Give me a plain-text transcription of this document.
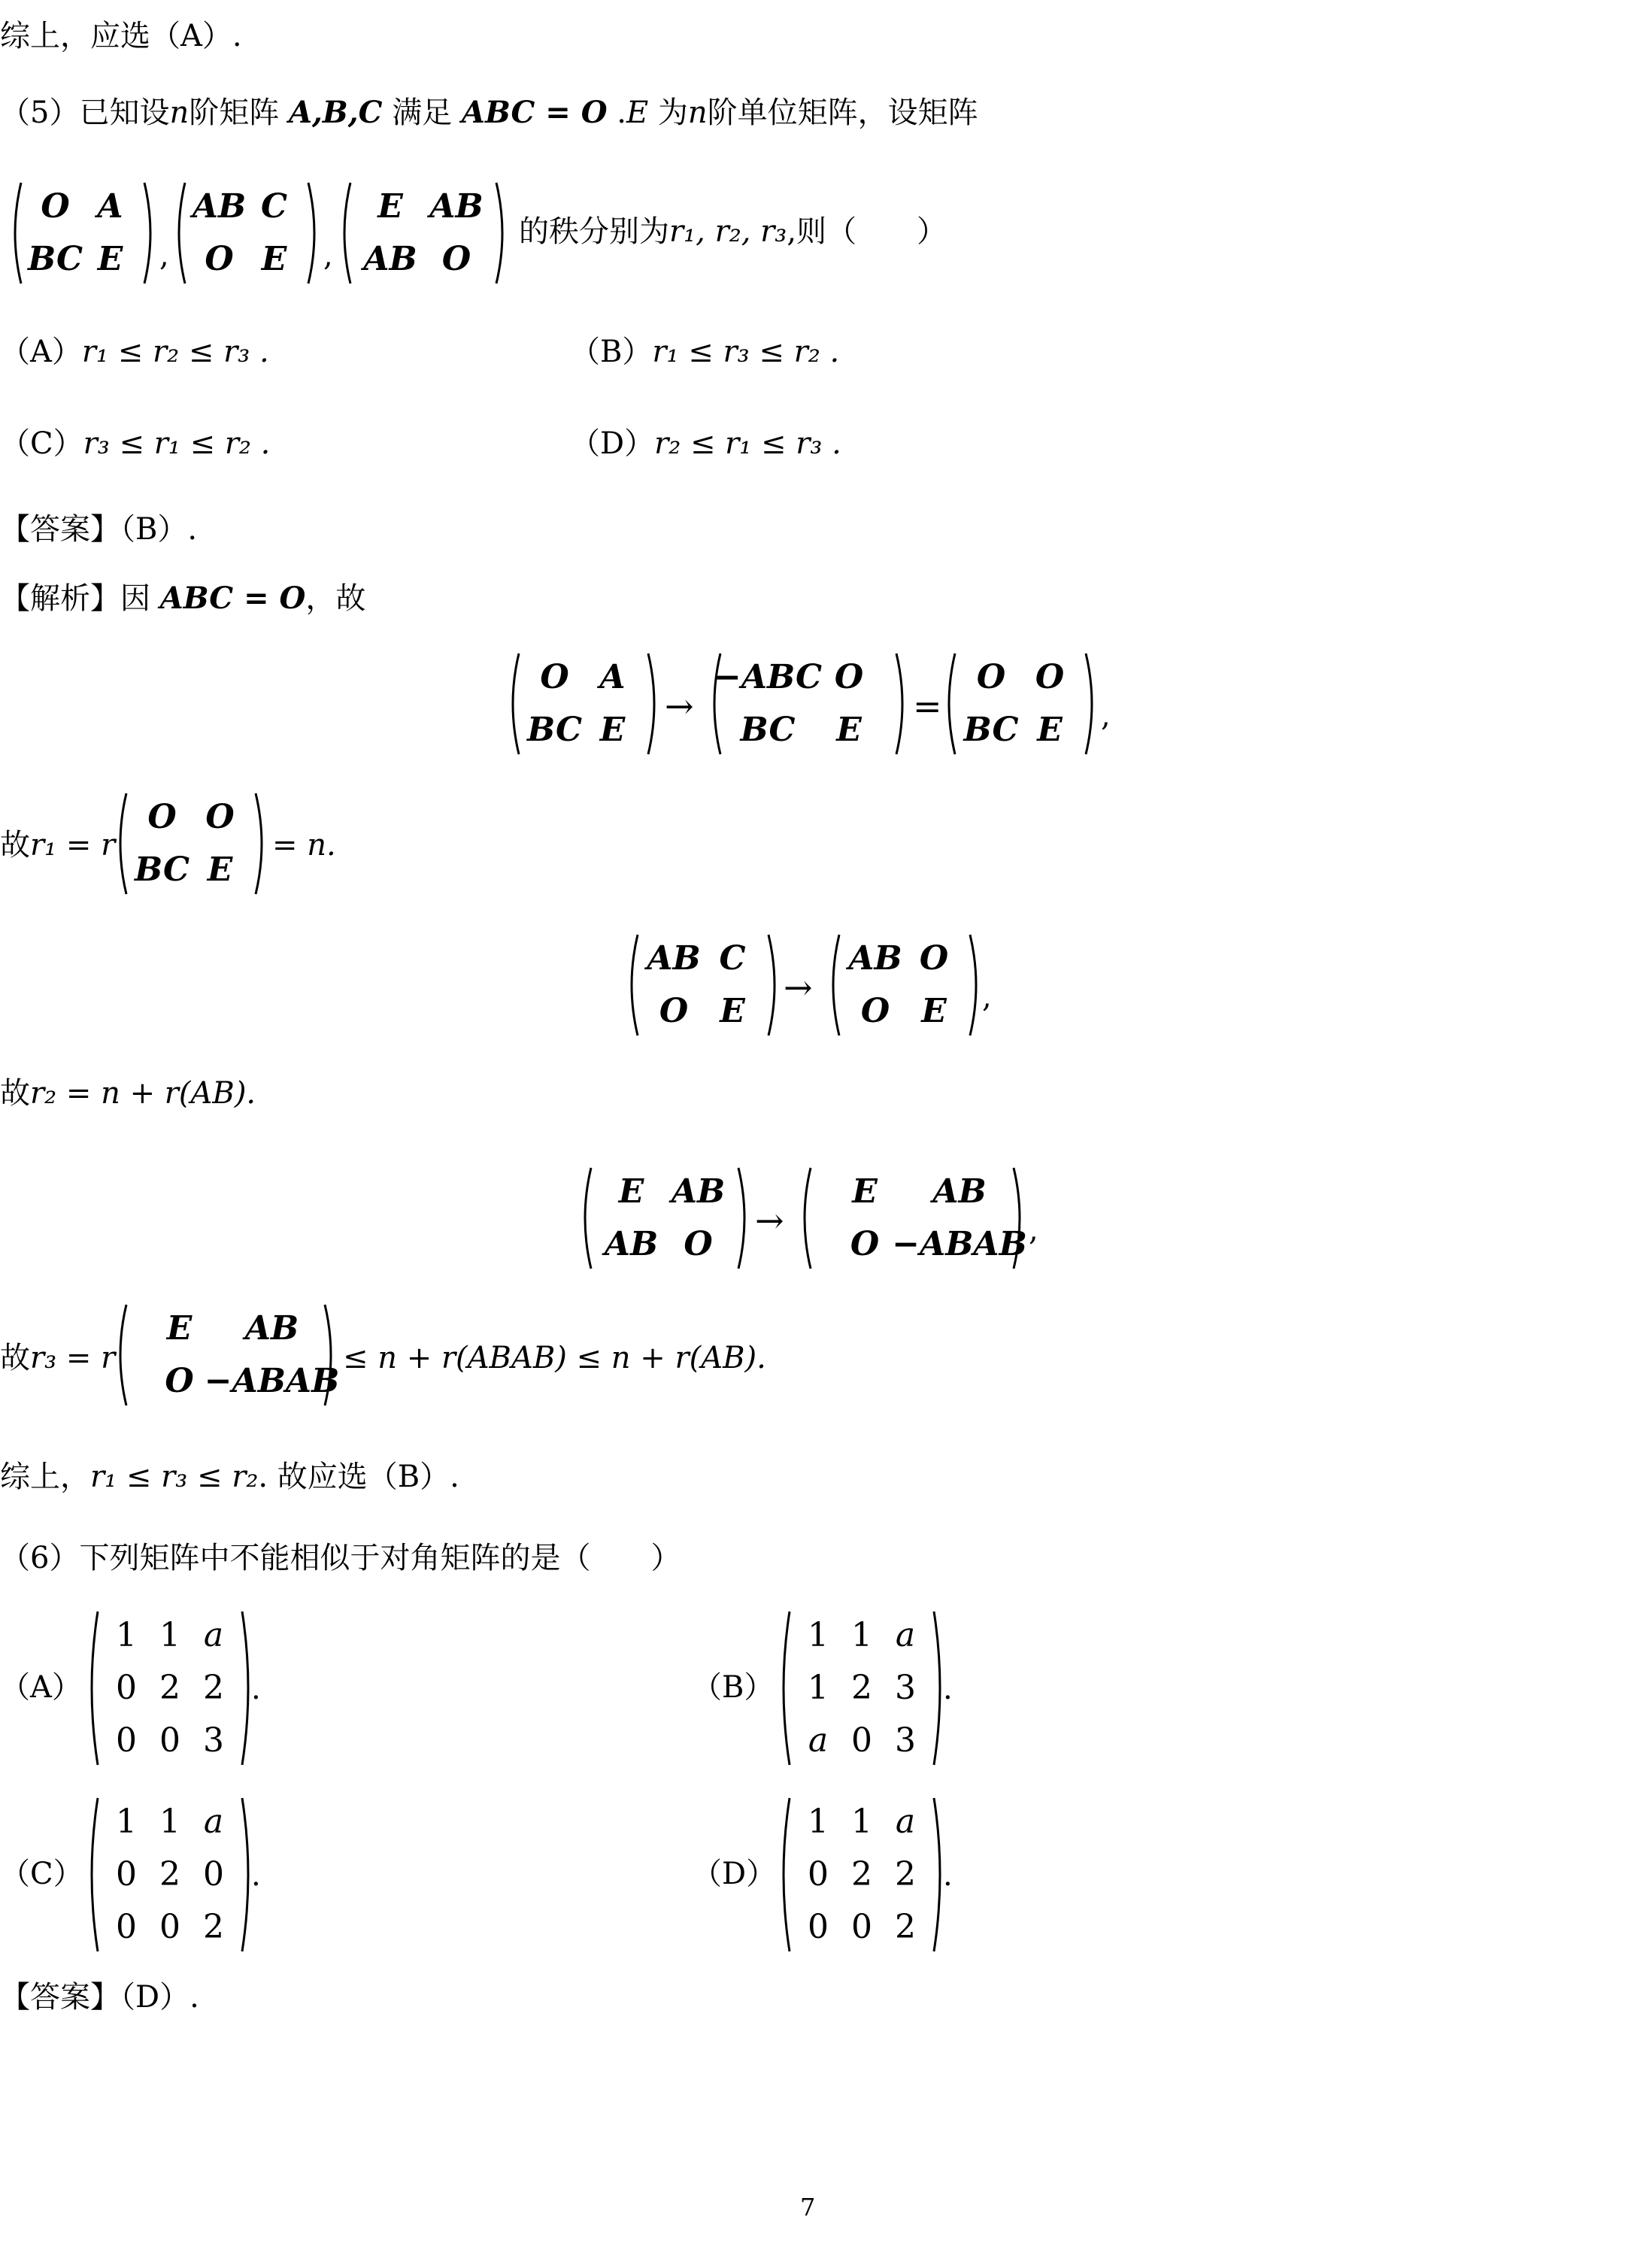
综上，应选（A）.
（5）已知设n阶矩阵 A,B,C 满足 ABC = O .E 为n阶单位矩阵，设矩阵
O A
BC E ,
AB C
O E ,
E AB
AB O
的秩分别为r₁, r₂, r₃,则（　　）
（A）r₁ ≤ r₂ ≤ r₃ .	（B）r₁ ≤ r₃ ≤ r₂ .
（C）r₃ ≤ r₁ ≤ r₂ .	（D）r₂ ≤ r₁ ≤ r₃ .
【答案】（B）.
【解析】因 ABC = O，故
O A
BC E
→
−ABC O
BC E
=
O O
BC E ,
故r₁ = r
O O
BC E
= n.
AB C
O E
→
AB O
O E ,
故r₂ = n + r(AB).
E AB
AB O
→
E AB
O −ABAB ,
故r₃ = r
E AB
O −ABAB
≤ n + r(ABAB) ≤ n + r(AB).
综上，r₁ ≤ r₃ ≤ r₂. 故应选（B）.
（6）下列矩阵中不能相似于对角矩阵的是（　　）
（A）
1 1 a
0 2 2
0 0 3
.	（B）
1 1 a
1 2 3
a 0 3
.
（C）
1 1 a
0 2 0
0 0 2
.	（D）
1 1 a
0 2 2
0 0 2
.
【答案】（D）.
7
